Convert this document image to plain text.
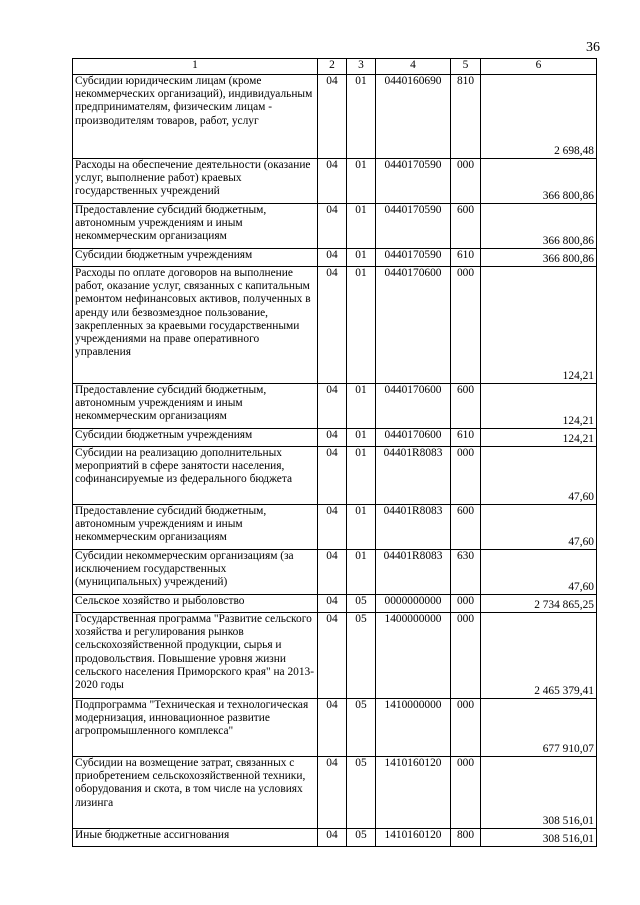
36
1	2	3	4	5	6
Субсидии юридическим лицам (кроме некоммерческих организаций), индивидуальным предпринимателям, физическим лицам - производителям товаров, работ, услуг	04	01	0440160690	810	2 698,48
Расходы на обеспечение деятельности (оказание услуг, выполнение работ) краевых государственных учреждений	04	01	0440170590	000	366 800,86
Предоставление субсидий бюджетным, автономным учреждениям и иным некоммерческим организациям	04	01	0440170590	600	366 800,86
Субсидии бюджетным учреждениям	04	01	0440170590	610	366 800,86
Расходы по оплате договоров на выполнение работ, оказание услуг, связанных с капитальным ремонтом нефинансовых активов, полученных в аренду или безвозмездное пользование, закрепленных за краевыми государственными учреждениями на праве оперативного управления	04	01	0440170600	000	124,21
Предоставление субсидий бюджетным, автономным учреждениям и иным некоммерческим организациям	04	01	0440170600	600	124,21
Субсидии бюджетным учреждениям	04	01	0440170600	610	124,21
Субсидии на реализацию дополнительных мероприятий в сфере занятости населения, софинансируемые из федерального бюджета	04	01	04401R8083	000	47,60
Предоставление субсидий бюджетным, автономным учреждениям и иным некоммерческим организациям	04	01	04401R8083	600	47,60
Субсидии некоммерческим организациям (за исключением государственных (муниципальных) учреждений)	04	01	04401R8083	630	47,60
Сельское хозяйство и рыболовство	04	05	0000000000	000	2 734 865,25
Государственная программа "Развитие сельского хозяйства и регулирования рынков сельскохозяйственной продукции, сырья и продовольствия. Повышение уровня жизни сельского населения Приморского края" на 2013-2020 годы	04	05	1400000000	000	2 465 379,41
Подпрограмма "Техническая и технологическая модернизация, инновационное развитие агропромышленного комплекса"	04	05	1410000000	000	677 910,07
Субсидии на возмещение затрат, связанных с приобретением сельскохозяйственной техники, оборудования и скота, в том числе на условиях лизинга	04	05	1410160120	000	308 516,01
Иные бюджетные ассигнования	04	05	1410160120	800	308 516,01
